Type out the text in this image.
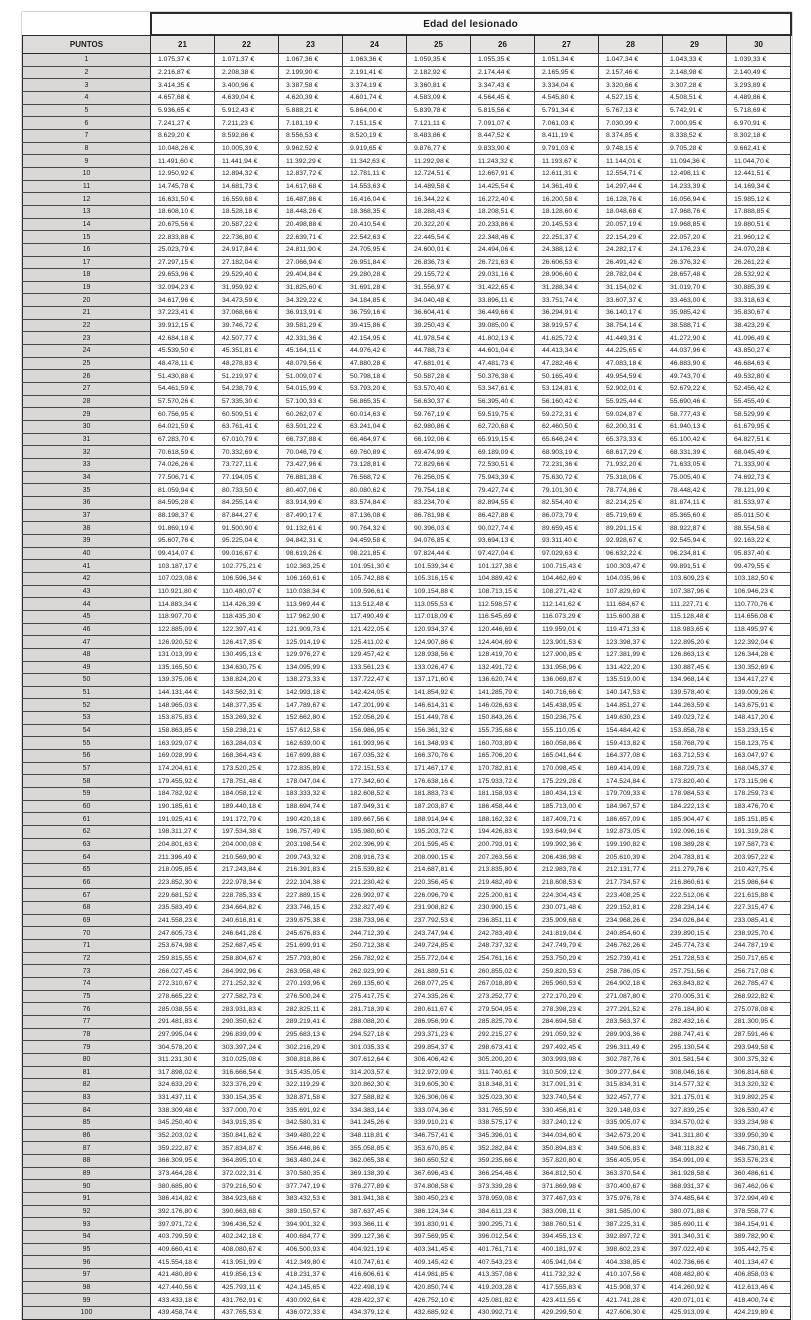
	Edad del lesionado									
PUNTOS	21	22	23	24	25	26	27	28	29	30
1	1.075,37 €	1.071,37 €	1.067,36 €	1.063,36 €	1.059,35 €	1.055,35 €	1.051,34 €	1.047,34 €	1.043,33 €	1.039,33 €
2	2.216,87 €	2.208,38 €	2.199,90 €	2.191,41 €	2.182,92 €	2.174,44 €	2.165,95 €	2.157,46 €	2.148,98 €	2.140,49 €
3	3.414,35 €	3.400,96 €	3.387,58 €	3.374,19 €	3.360,81 €	3.347,43 €	3.334,04 €	3.320,66 €	3.307,28 €	3.293,89 €
4	4.657,68 €	4.639,04 €	4.620,39 €	4.601,74 €	4.583,09 €	4.564,45 €	4.545,80 €	4.527,15 €	4.508,51 €	4.489,86 €
5	5.936,65 €	5.912,43 €	5.888,21 €	5.864,00 €	5.839,78 €	5.815,56 €	5.791,34 €	5.767,13 €	5.742,91 €	5.718,69 €
6	7.241,27 €	7.211,23 €	7.181,19 €	7.151,15 €	7.121,11 €	7.091,07 €	7.061,03 €	7.030,99 €	7.000,95 €	6.970,91 €
7	8.629,20 €	8.592,86 €	8.556,53 €	8.520,19 €	8.483,86 €	8.447,52 €	8.411,19 €	8.374,85 €	8.338,52 €	8.302,18 €
8	10.048,26 €	10.005,39 €	9.962,52 €	9.919,65 €	9.876,77 €	9.833,90 €	9.791,03 €	9.748,15 €	9.705,28 €	9.662,41 €
9	11.491,60 €	11.441,94 €	11.392,29 €	11.342,63 €	11.292,98 €	11.243,32 €	11.193,67 €	11.144,01 €	11.094,36 €	11.044,70 €
10	12.950,92 €	12.894,32 €	12.837,72 €	12.781,11 €	12.724,51 €	12.667,91 €	12.611,31 €	12.554,71 €	12.498,11 €	12.441,51 €
11	14.745,78 €	14.681,73 €	14.617,68 €	14.553,63 €	14.489,58 €	14.425,54 €	14.361,49 €	14.297,44 €	14.233,39 €	14.169,34 €
12	16.631,50 €	16.559,68 €	16.487,86 €	16.416,04 €	16.344,22 €	16.272,40 €	16.200,58 €	16.128,76 €	16.056,94 €	15.985,12 €
13	18.608,10 €	18.528,18 €	18.448,26 €	18.368,35 €	18.288,43 €	18.208,51 €	18.128,60 €	18.048,68 €	17.968,76 €	17.888,85 €
14	20.675,56 €	20.587,22 €	20.498,88 €	20.410,54 €	20.322,20 €	20.233,86 €	20.145,53 €	20.057,19 €	19.968,85 €	19.880,51 €
15	22.833,88 €	22.736,80 €	22.639,71 €	22.542,63 €	22.445,54 €	22.348,46 €	22.251,37 €	22.154,29 €	22.057,20 €	21.960,12 €
16	25.023,79 €	24.917,84 €	24.811,90 €	24.705,95 €	24.600,01 €	24.494,06 €	24.388,12 €	24.282,17 €	24.176,23 €	24.070,28 €
17	27.297,15 €	27.182,04 €	27.066,94 €	26.951,84 €	26.836,73 €	26.721,63 €	26.606,53 €	26.491,42 €	26.376,32 €	26.261,22 €
18	29.653,96 €	29.529,40 €	29.404,84 €	29.280,28 €	29.155,72 €	29.031,16 €	28.906,60 €	28.782,04 €	28.657,48 €	28.532,92 €
19	32.094,23 €	31.959,92 €	31.825,60 €	31.691,28 €	31.556,97 €	31.422,65 €	31.288,34 €	31.154,02 €	31.019,70 €	30.885,39 €
20	34.617,96 €	34.473,59 €	34.329,22 €	34.184,85 €	34.040,48 €	33.896,11 €	33.751,74 €	33.607,37 €	33.463,00 €	33.318,63 €
21	37.223,41 €	37.068,66 €	36.913,91 €	36.759,16 €	36.604,41 €	36.449,66 €	36.294,91 €	36.140,17 €	35.985,42 €	35.830,67 €
22	39.912,15 €	39.746,72 €	39.581,29 €	39.415,86 €	39.250,43 €	39.085,00 €	38.919,57 €	38.754,14 €	38.588,71 €	38.423,29 €
23	42.684,18 €	42.507,77 €	42.331,36 €	42.154,95 €	41.978,54 €	41.802,13 €	41.625,72 €	41.449,31 €	41.272,90 €	41.096,49 €
24	45.539,50 €	45.351,81 €	45.164,11 €	44.976,42 €	44.788,73 €	44.601,04 €	44.413,34 €	44.225,65 €	44.037,96 €	43.850,27 €
25	48.478,11 €	48.278,83 €	48.079,56 €	47.880,28 €	47.681,01 €	47.481,73 €	47.282,46 €	47.083,18 €	46.883,90 €	46.684,63 €
26	51.430,88 €	51.219,97 €	51.009,07 €	50.798,18 €	50.587,28 €	50.376,38 €	50.165,49 €	49.954,59 €	49.743,70 €	49.532,80 €
27	54.461,59 €	54.238,79 €	54.015,99 €	53.793,20 €	53.570,40 €	53.347,61 €	53.124,81 €	52.902,01 €	52.679,22 €	52.456,42 €
28	57.570,26 €	57.335,30 €	57.100,33 €	56.865,35 €	56.630,37 €	56.395,40 €	56.160,42 €	55.925,44 €	55.690,46 €	55.455,49 €
29	60.756,95 €	60.509,51 €	60.262,07 €	60.014,63 €	59.767,19 €	59.519,75 €	59.272,31 €	59.024,87 €	58.777,43 €	58.529,99 €
30	64.021,59 €	63.761,41 €	63.501,22 €	63.241,04 €	62.980,86 €	62.720,68 €	62.460,50 €	62.200,31 €	61.940,13 €	61.679,95 €
31	67.283,70 €	67.010,79 €	66.737,88 €	66.464,97 €	66.192,06 €	65.919,15 €	65.646,24 €	65.373,33 €	65.100,42 €	64.827,51 €
32	70.618,59 €	70.332,69 €	70.046,79 €	69.760,89 €	69.474,99 €	69.189,09 €	68.903,19 €	68.617,29 €	68.331,39 €	68.045,49 €
33	74.026,26 €	73.727,11 €	73.427,96 €	73.128,81 €	72.829,66 €	72.530,51 €	72.231,36 €	71.932,20 €	71.633,05 €	71.333,90 €
34	77.506,71 €	77.194,05 €	76.881,38 €	76.568,72 €	76.256,05 €	75.943,39 €	75.630,72 €	75.318,06 €	75.005,40 €	74.692,73 €
35	81.059,94 €	80.733,50 €	80.407,06 €	80.080,62 €	79.754,18 €	79.427,74 €	79.101,30 €	78.774,86 €	78.448,42 €	78.121,99 €
36	84.595,28 €	84.255,14 €	83.914,99 €	83.574,84 €	83.234,70 €	82.894,55 €	82.554,40 €	82.214,25 €	81.874,11 €	81.533,97 €
37	88.198,37 €	87.844,27 €	87.490,17 €	87.136,08 €	86.781,98 €	86.427,88 €	86.073,79 €	85.719,69 €	85.365,60 €	85.011,50 €
38	91.869,19 €	91.500,90 €	91.132,61 €	90.764,32 €	90.396,03 €	90.027,74 €	89.659,45 €	89.291,15 €	88.922,87 €	88.554,58 €
39	95.607,76 €	95.225,04 €	94.842,31 €	94.459,58 €	94.076,85 €	93.694,13 €	93.311,40 €	92.928,67 €	92.545,94 €	92.163,22 €
40	99.414,07 €	99.016,67 €	98.619,26 €	98.221,85 €	97.824,44 €	97.427,04 €	97.029,63 €	96.632,22 €	96.234,81 €	95.837,40 €
41	103.187,17 €	102.775,21 €	102.363,25 €	101.951,30 €	101.539,34 €	101.127,38 €	100.715,43 €	100.303,47 €	99.891,51 €	99.479,55 €
42	107.023,08 €	106.596,34 €	106.169,61 €	105.742,88 €	105.316,15 €	104.889,42 €	104.462,69 €	104.035,96 €	103.609,23 €	103.182,50 €
43	110.921,80 €	110.480,07 €	110.038,34 €	109.596,61 €	109.154,88 €	108.713,15 €	108.271,42 €	107.829,69 €	107.387,96 €	106.946,23 €
44	114.883,34 €	114.426,39 €	113.969,44 €	113.512,48 €	113.055,53 €	112.598,57 €	112.141,62 €	111.684,67 €	111.227,71 €	110.770,76 €
45	118.907,70 €	118.435,30 €	117.962,90 €	117.490,49 €	117.018,09 €	116.545,69 €	116.073,29 €	115.600,88 €	115.128,48 €	114.656,08 €
46	122.885,09 €	122.397,41 €	121.909,73 €	121.422,05 €	120.934,37 €	120.446,69 €	119.959,01 €	119.471,33 €	118.983,65 €	118.495,97 €
47	126.920,52 €	126.417,35 €	125.914,19 €	125.411,02 €	124.907,86 €	124.404,69 €	123.901,53 €	123.398,37 €	122.895,20 €	122.392,04 €
48	131.013,99 €	130.495,13 €	129.976,27 €	129.457,42 €	128.938,56 €	128.419,70 €	127.900,85 €	127.381,99 €	126.863,13 €	126.344,28 €
49	135.165,50 €	134.630,75 €	134.095,99 €	133.561,23 €	133.026,47 €	132.491,72 €	131.956,96 €	131.422,20 €	130.887,45 €	130.352,69 €
50	139.375,06 €	138.824,20 €	138.273,33 €	137.722,47 €	137.171,60 €	136.620,74 €	136.069,87 €	135.519,00 €	134.968,14 €	134.417,27 €
51	144.131,44 €	143.562,31 €	142.993,18 €	142.424,05 €	141.854,92 €	141.285,79 €	140.716,66 €	140.147,53 €	139.578,40 €	139.009,26 €
52	148.965,03 €	148.377,35 €	147.789,67 €	147.201,99 €	146.614,31 €	146.026,63 €	145.438,95 €	144.851,27 €	144.263,59 €	143.675,91 €
53	153.875,83 €	153.269,32 €	152.662,80 €	152.056,29 €	151.449,78 €	150.843,26 €	150.236,75 €	149.630,23 €	149.023,72 €	148.417,20 €
54	158.863,85 €	158.238,21 €	157.612,58 €	156.986,95 €	156.361,32 €	155.735,68 €	155.110,05 €	154.484,42 €	153.858,78 €	153.233,15 €
55	163.929,07 €	163.284,03 €	162.639,00 €	161.993,96 €	161.348,93 €	160.703,89 €	160.058,86 €	159.413,82 €	158.768,79 €	158.123,75 €
56	169.028,99 €	168.364,43 €	167.699,88 €	167.035,32 €	166.370,76 €	165.706,20 €	165.041,64 €	164.377,08 €	163.712,53 €	163.047,97 €
57	174.204,61 €	173.520,25 €	172.835,89 €	172.151,53 €	171.467,17 €	170.782,81 €	170.098,45 €	169.414,09 €	168.729,73 €	168.045,37 €
58	179.455,92 €	178.751,48 €	178.047,04 €	177.342,60 €	176.638,16 €	175.933,72 €	175.229,28 €	174.524,84 €	173.820,40 €	173.115,96 €
59	184.782,92 €	184.058,12 €	183.333,32 €	182.608,52 €	181.883,73 €	181.158,93 €	180.434,13 €	179.709,33 €	178.984,53 €	178.259,73 €
60	190.185,61 €	189.440,18 €	188.694,74 €	187.949,31 €	187.203,87 €	186.458,44 €	185.713,00 €	184.967,57 €	184.222,13 €	183.476,70 €
61	191.925,41 €	191.172,79 €	190.420,18 €	189.667,56 €	188.914,94 €	188.162,32 €	187.409,71 €	186.657,09 €	185.904,47 €	185.151,85 €
62	198.311,27 €	197.534,38 €	196.757,49 €	195.980,60 €	195.203,72 €	194.426,83 €	193.649,94 €	192.873,05 €	192.096,16 €	191.319,28 €
63	204.801,63 €	204.000,08 €	203.198,54 €	202.396,99 €	201.595,45 €	200.793,91 €	199.992,36 €	199.190,82 €	198.389,28 €	197.587,73 €
64	211.396,49 €	210.569,90 €	209.743,32 €	208.916,73 €	208.090,15 €	207.263,56 €	206.436,98 €	205.610,39 €	204.783,81 €	203.957,22 €
65	218.095,85 €	217.243,84 €	216.391,83 €	215.539,82 €	214.687,81 €	213.835,80 €	212.983,78 €	212.131,77 €	211.279,76 €	210.427,75 €
66	223.852,30 €	222.978,34 €	222.104,38 €	221.230,42 €	220.356,45 €	219.482,49 €	218.608,53 €	217.734,57 €	216.860,61 €	215.986,64 €
67	229.681,52 €	228.785,33 €	227.889,15 €	226.992,97 €	226.096,79 €	225.200,61 €	224.304,43 €	223.408,25 €	222.512,06 €	221.615,88 €
68	235.583,49 €	234.664,82 €	233.746,15 €	232.827,49 €	231.908,82 €	230.990,15 €	230.071,48 €	229.152,81 €	228.234,14 €	227.315,47 €
69	241.558,23 €	240.616,81 €	239.675,38 €	238.733,96 €	237.792,53 €	236.851,11 €	235.909,68 €	234.968,26 €	234.026,84 €	233.085,41 €
70	247.605,73 €	246.641,28 €	245.676,83 €	244.712,39 €	243.747,94 €	242.783,49 €	241.819,04 €	240.854,60 €	239.890,15 €	238.925,70 €
71	253.674,98 €	252.687,45 €	251.699,91 €	250.712,38 €	249.724,85 €	248.737,32 €	247.749,79 €	246.762,26 €	245.774,73 €	244.787,19 €
72	259.815,55 €	258.804,67 €	257.793,80 €	256.782,92 €	255.772,04 €	254.761,16 €	253.750,29 €	252.739,41 €	251.728,53 €	250.717,65 €
73	266.027,45 €	264.992,96 €	263.958,48 €	262.923,99 €	261.889,51 €	260.855,02 €	259.820,53 €	258.786,05 €	257.751,56 €	256.717,08 €
74	272.310,67 €	271.252,32 €	270.193,96 €	269.135,60 €	268.077,25 €	267.018,89 €	265.960,53 €	264.902,18 €	263.843,82 €	262.785,47 €
75	278.665,22 €	277.582,73 €	276.500,24 €	275.417,75 €	274.335,26 €	273.252,77 €	272.170,29 €	271.087,80 €	270.005,31 €	268.922,82 €
76	285.038,55 €	283.931,83 €	282.825,11 €	281.718,39 €	280.611,67 €	279.504,95 €	278.398,23 €	277.291,52 €	276.184,80 €	275.078,08 €
77	291.481,83 €	290.350,62 €	289.219,41 €	288.088,20 €	286.956,99 €	285.825,79 €	284.694,58 €	283.563,37 €	282.432,16 €	281.300,95 €
78	297.995,04 €	296.839,09 €	295.683,13 €	294.527,18 €	293.371,23 €	292.215,27 €	291.059,32 €	289.903,36 €	288.747,41 €	287.591,46 €
79	304.578,20 €	303.397,24 €	302.216,29 €	301.035,33 €	299.854,37 €	298.673,41 €	297.492,45 €	296.311,49 €	295.130,54 €	293.949,58 €
80	311.231,30 €	310.025,08 €	308.818,86 €	307.612,64 €	306.406,42 €	305.200,20 €	303.993,98 €	302.787,76 €	301.581,54 €	300.375,32 €
81	317.898,02 €	316.666,54 €	315.435,05 €	314.203,57 €	312.972,09 €	311.740,61 €	310.509,12 €	309.277,64 €	308.046,16 €	306.814,68 €
82	324.633,29 €	323.376,29 €	322.119,29 €	320.862,30 €	319.605,30 €	318.348,31 €	317.091,31 €	315.834,31 €	314.577,32 €	313.320,32 €
83	331.437,11 €	330.154,35 €	328.871,58 €	327.588,82 €	326.306,06 €	325.023,30 €	323.740,54 €	322.457,77 €	321.175,01 €	319.892,25 €
84	338.309,48 €	337.000,70 €	335.691,92 €	334.383,14 €	333.074,36 €	331.765,59 €	330.456,81 €	329.148,03 €	327.839,25 €	326.530,47 €
85	345.250,40 €	343.915,35 €	342.580,31 €	341.245,26 €	339.910,21 €	338.575,17 €	337.240,12 €	335.905,07 €	334.570,02 €	333.234,98 €
86	352.203,02 €	350.841,62 €	349.480,22 €	348.118,81 €	346.757,41 €	345.396,01 €	344.034,60 €	342.673,20 €	341.311,80 €	339.950,39 €
87	359.222,87 €	357.834,87 €	356.446,86 €	355.058,85 €	353.670,85 €	352.282,84 €	350.894,83 €	349.506,83 €	348.118,82 €	346.730,81 €
88	366.309,95 €	364.895,10 €	363.480,24 €	362.065,38 €	360.650,52 €	359.235,66 €	357.820,80 €	356.405,95 €	354.991,09 €	353.576,23 €
89	373.464,28 €	372.022,31 €	370.580,35 €	369.138,39 €	367.696,43 €	366.254,46 €	364.812,50 €	363.370,54 €	361.928,58 €	360.486,61 €
90	380.685,80 €	379.216,50 €	377.747,19 €	376.277,89 €	374.808,58 €	373.339,28 €	371.869,98 €	370.400,67 €	368.931,37 €	367.462,06 €
91	386.414,82 €	384.923,68 €	383.432,53 €	381.941,38 €	380.450,23 €	378.959,08 €	377.467,93 €	375.976,78 €	374.485,64 €	372.994,49 €
92	392.176,80 €	390.663,68 €	389.150,57 €	387.637,45 €	386.124,34 €	384.611,23 €	383.098,11 €	381.585,00 €	380.071,88 €	378.558,77 €
93	397.971,72 €	396.436,52 €	394.901,32 €	393.366,11 €	391.830,91 €	390.295,71 €	388.760,51 €	387.225,31 €	385.690,11 €	384.154,91 €
94	403.799,59 €	402.242,18 €	400.684,77 €	399.127,36 €	397.569,95 €	396.012,54 €	394.455,13 €	392.897,72 €	391.340,31 €	389.782,90 €
95	409.660,41 €	408.080,67 €	406.500,93 €	404.921,19 €	403.341,45 €	401.761,71 €	400.181,97 €	398.602,23 €	397.022,49 €	395.442,75 €
96	415.554,18 €	413.951,99 €	412.349,80 €	410.747,61 €	409.145,42 €	407.543,23 €	405.941,04 €	404.338,85 €	402.736,66 €	401.134,47 €
97	421.480,89 €	419.856,13 €	418.231,37 €	416.606,61 €	414.981,85 €	413.357,08 €	411.732,32 €	410.107,56 €	408.482,80 €	406.858,03 €
98	427.440,56 €	425.793,11 €	424.145,65 €	422.498,19 €	420.850,74 €	419.203,28 €	417.555,83 €	415.908,37 €	414.260,92 €	412.613,46 €
99	433.433,18 €	431.762,91 €	430.092,64 €	428.422,37 €	426.752,10 €	425.081,82 €	423.411,55 €	421.741,28 €	420.071,01 €	418.400,74 €
100	439.458,74 €	437.765,53 €	436.072,33 €	434.379,12 €	432.685,92 €	430.992,71 €	429.299,50 €	427.606,30 €	425.913,09 €	424.219,89 €
